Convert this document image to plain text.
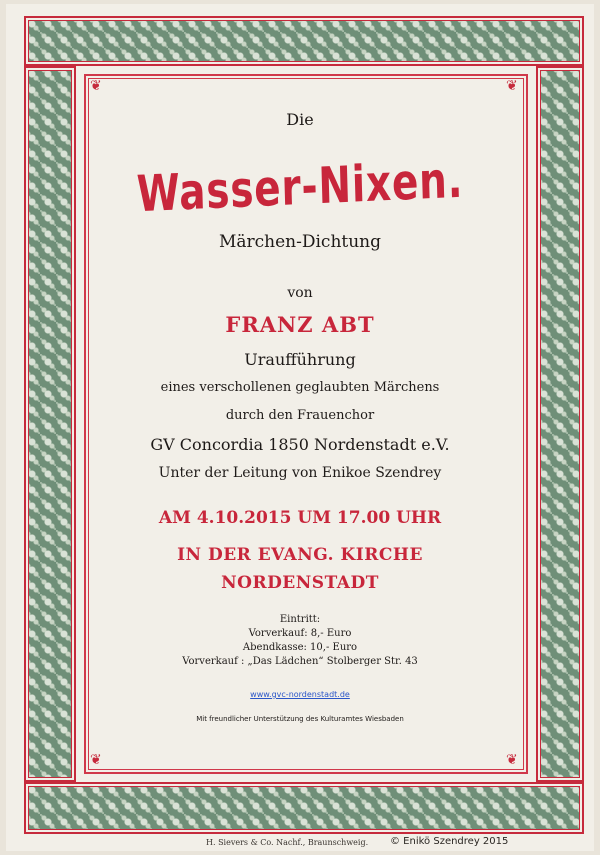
❦	❦
❦	❦
Die
Wasser-Nixen.
Märchen-Dichtung
von
FRANZ ABT
Uraufführung
eines verschollenen geglaubten Märchens
durch den Frauenchor
GV Concordia 1850 Nordenstadt e.V.
Unter der Leitung von Enikoe Szendrey
AM 4.10.2015 UM 17.00 UHR
IN DER EVANG. KIRCHE
NORDENSTADT
Eintritt:
Vorverkauf: 8,- Euro
Abendkasse: 10,- Euro
Vorverkauf : „Das Lädchen“ Stolberger Str. 43
www.gvc-nordenstadt.de
Mit freundlicher Unterstützung des Kulturamtes Wiesbaden
H. Sievers & Co. Nachf., Braunschweig. © Enikö Szendrey 2015
